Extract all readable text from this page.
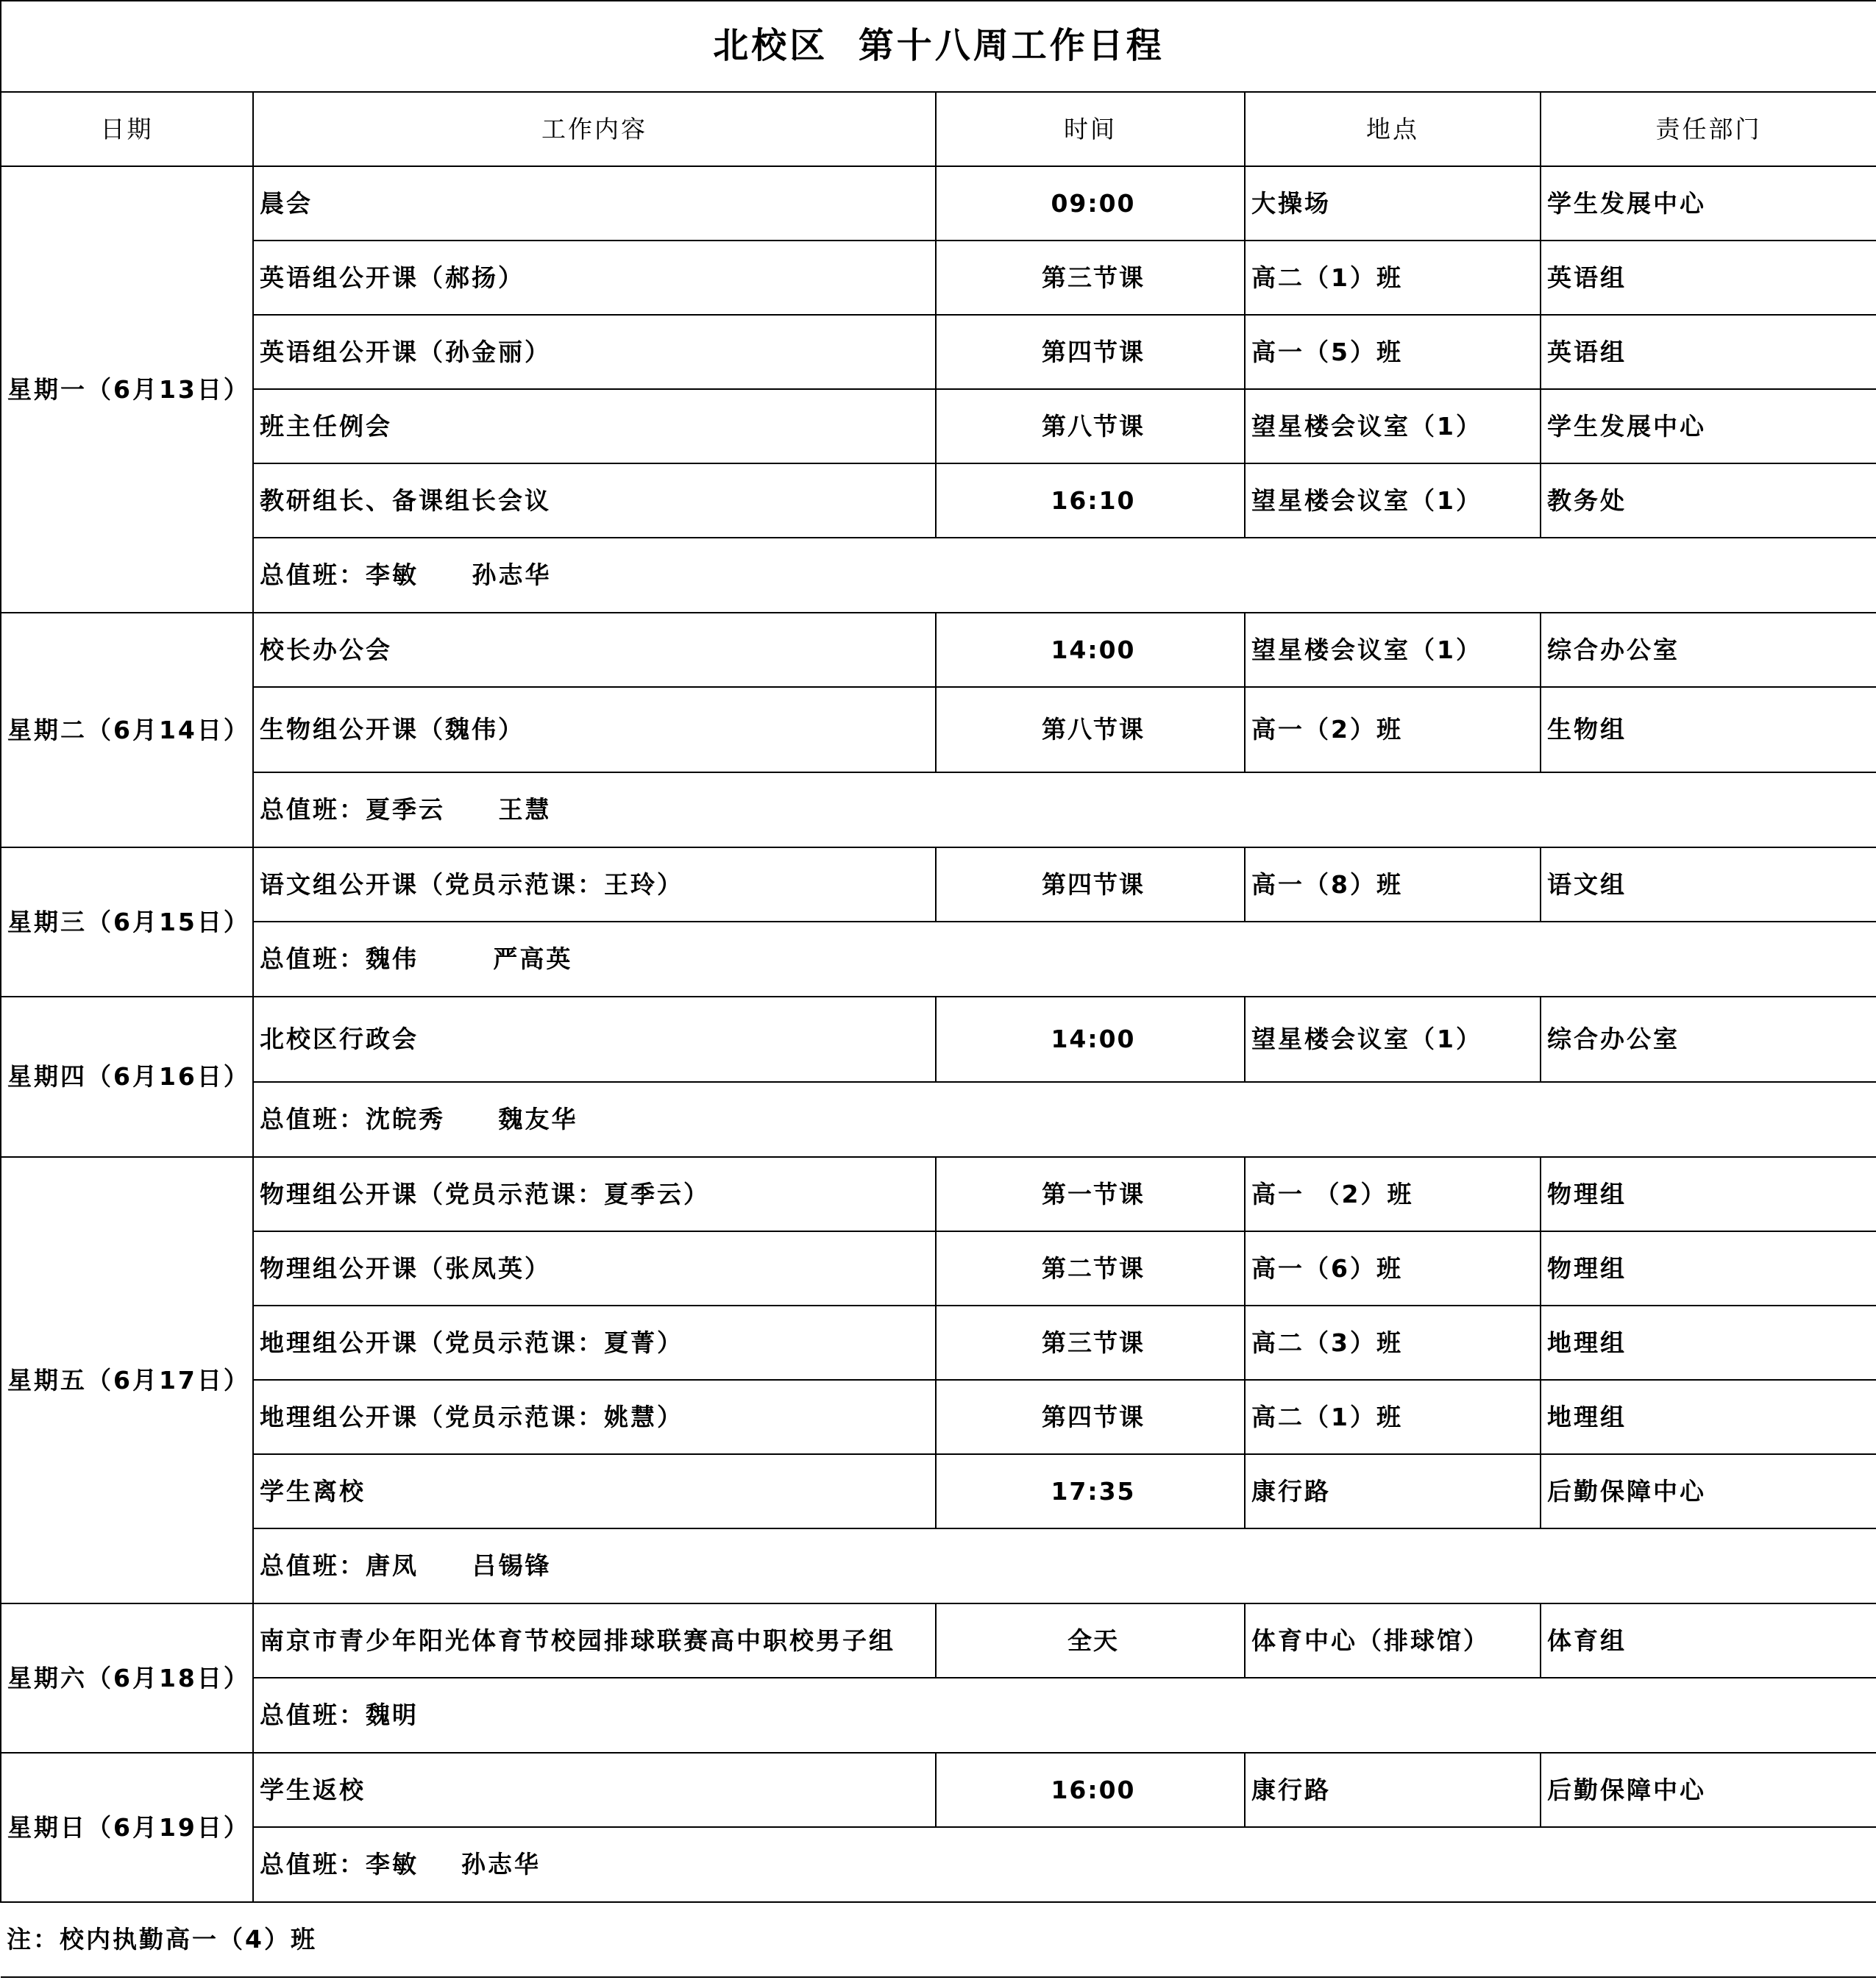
北校区  第十八周工作日程				
日期	工作内容	时间	地点	责任部门
星期一（6月13日）	晨会	09:00	大操场	学生发展中心
	英语组公开课（郝扬）	第三节课	高二（1）班	英语组
	英语组公开课（孙金丽）	第四节课	高一（5）班	英语组
	班主任例会	第八节课	望星楼会议室（1）	学生发展中心
	教研组长、备课组长会议	16:10	望星楼会议室（1）	教务处
	总值班：李敏     孙志华			
星期二（6月14日）	校长办公会	14:00	望星楼会议室（1）	综合办公室
	生物组公开课（魏伟）	第八节课	高一（2）班	生物组
	总值班：夏季云     王慧			
星期三（6月15日）	语文组公开课（党员示范课：王玲）	第四节课	高一（8）班	语文组
	总值班：魏伟       严高英			
星期四（6月16日）	北校区行政会	14:00	望星楼会议室（1）	综合办公室
	总值班：沈皖秀     魏友华			
星期五（6月17日）	物理组公开课（党员示范课：夏季云）	第一节课	高一 （2）班	物理组
	物理组公开课（张凤英）	第二节课	高一（6）班	物理组
	地理组公开课（党员示范课：夏菁）	第三节课	高二（3）班	地理组
	地理组公开课（党员示范课：姚慧）	第四节课	高二（1）班	地理组
	学生离校	17:35	康行路	后勤保障中心
	总值班：唐凤     吕锡锋			
星期六（6月18日）	南京市青少年阳光体育节校园排球联赛高中职校男子组	全天	体育中心（排球馆）	体育组
	总值班：魏明			
星期日（6月19日）	学生返校	16:00	康行路	后勤保障中心
	总值班：李敏    孙志华			
注：校内执勤高一（4）班				
